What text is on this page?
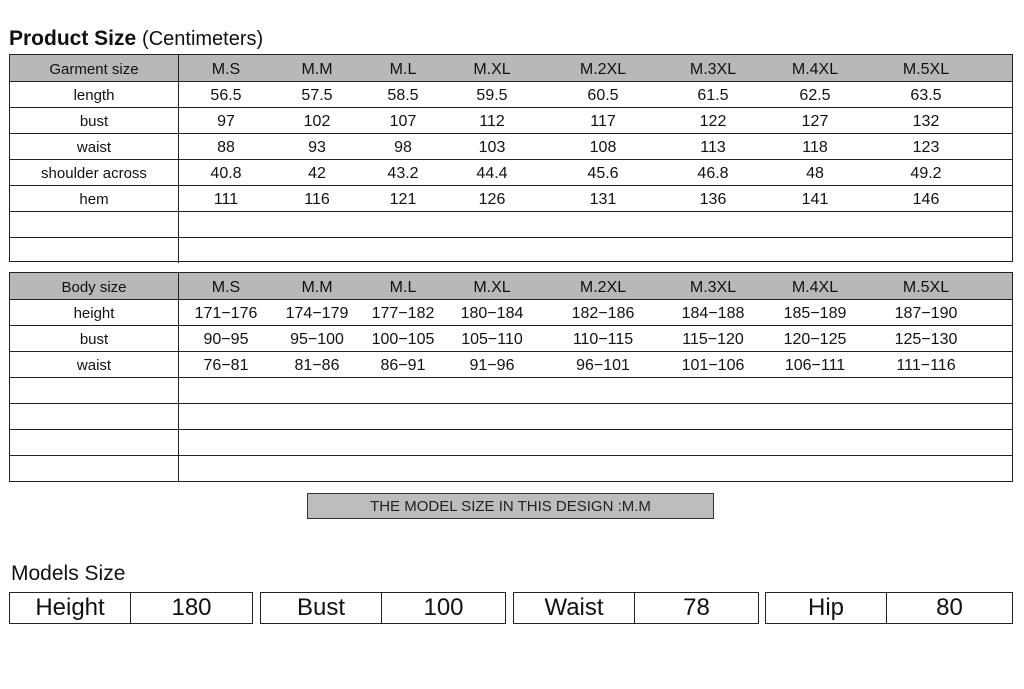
Product Size (Centimeters)
Garment size	M.S	M.M	M.L	M.XL	M.2XL	M.3XL	M.4XL	M.5XL
length	56.5	57.5	58.5	59.5	60.5	61.5	62.5	63.5
bust	97	102	107	112	117	122	127	132
waist	88	93	98	103	108	113	118	123
shoulder across	40.8	42	43.2	44.4	45.6	46.8	48	49.2
hem	111	116	121	126	131	136	141	146
Body size	M.S	M.M	M.L	M.XL	M.2XL	M.3XL	M.4XL	M.5XL
height	171−176 174−179 177−182 180−184	182−186	184−188 185−189	187−190
bust	90−95	95−100 100−105 105−110	110−115	115−120 120−125	125−130
waist	76−81	81−86	86−91	91−96	96−101	101−106	106−111	111−116
THE MODEL SIZE IN THIS DESIGN :M.M
Models Size
Height	180	Bust	100	Waist	78	Hip	80
